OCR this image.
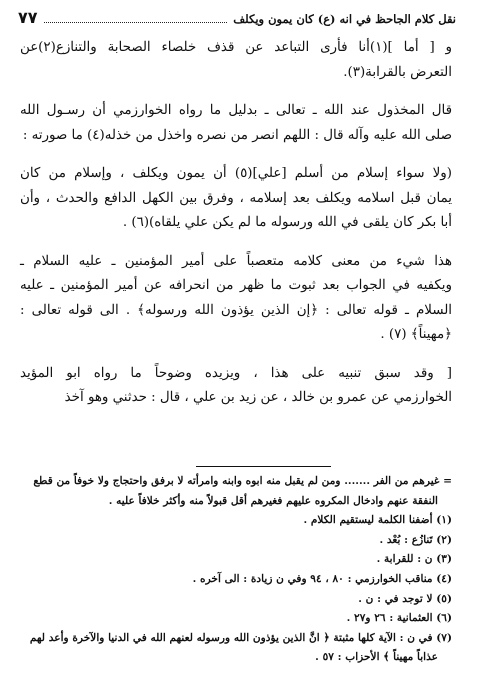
نقل كلام الجاحظ في انه (ع) كان يمون ويكلف
٧٧
و [ أما ](١)أنا فأرى التباعد عن قذف خلصاء الصحابة والتنازع(٢)عن
التعرض بالقرابة(٣).
قال المخذول عند الله ـ تعالى ـ بدليل ما رواه الخوارزمي أن رسـول الله
صلى الله عليه وآله قال : اللهم انصر من نصره واخذل من خذله(٤) ما صورته :
(ولا سواء إسلام من أسلم [علي](٥) أن يمون ويكلف ، وإسلام من كان
يمان قبل اسلامه ويكلف بعد إسلامه ، وفرق بين الكهل الدافع والحدث ، وأن
أبا بكر كان يلقى في الله ورسوله ما لم يكن علي يلقاه)(٦) .
هذا شيء من معنى كلامه متعصباً على أمير المؤمنين ـ عليه السلام ـ
ويكفيه في الجواب بعد ثبوت ما ظهر من انحرافه عن أمير المؤمنين ـ عليه
السلام ـ قوله تعالى : ﴿إن الذين يؤذون الله ورسوله﴾ . الى قوله تعالى :
﴿مهيناً﴾ (٧) .
[ وقد سبق تنبيه على هذا ، ويزيده وضوحاً ما رواه ابو المؤيد
الخوارزمي عن عمرو بن خالد ، عن زيد بن علي ، قال : حدثني وهو آخذ
= غيرهم من الفر ....... ومن لم يقبل منه ابوه وابنه وامرأته لا برفق واحتجاج ولا خوفاً من قطع
النفقة عنهم وادخال المكروه عليهم فغيرهم أقل قبولاً منه وأكثر خلافاً عليه .
(١) أضفنا الكلمة ليستقيم الكلام .
(٢) تَنازُع : بُعْد .
(٣) ن : للقرابة .
(٤) مناقب الخوارزمي : ٨٠ ، ٩٤ وفي ن زيادة : الى آخره .
(٥) لا توجد في : ن .
(٦) العثمانية : ٢٦ و٢٧ .
(٧) في ن : الآية كلها مثبتة ﴿ انَّ الذين يؤذون الله ورسوله لعنهم الله في الدنيا والآخرة وأعد لهم
عذاباً مهيناً ﴾ الأحزاب : ٥٧ .
